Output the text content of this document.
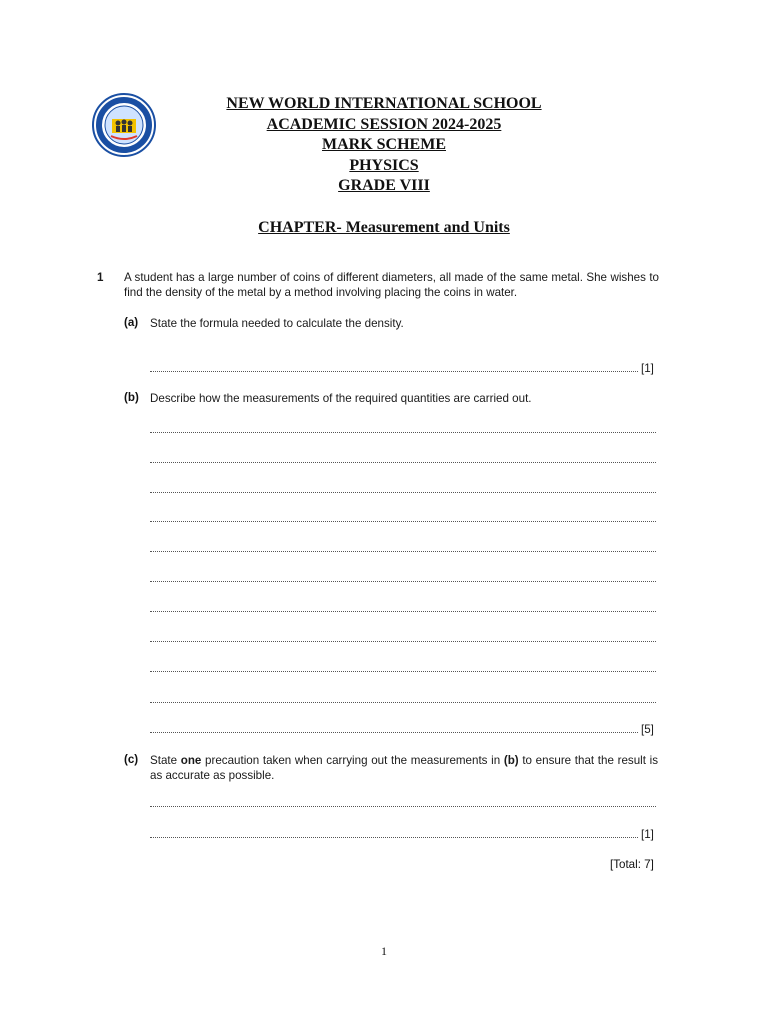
NEW WORLD INTERNATIONAL SCHOOL
ACADEMIC SESSION 2024-2025
MARK SCHEME
PHYSICS
GRADE VIII
CHAPTER- Measurement and Units
1 A student has a large number of coins of different diameters, all made of the same metal. She wishes to find the density of the metal by a method involving placing the coins in water.
(a) State the formula needed to calculate the density.
[1]
(b) Describe how the measurements of the required quantities are carried out.
[5]
(c) State one precaution taken when carrying out the measurements in (b) to ensure that the result is as accurate as possible.
[1]
[Total: 7]
1
